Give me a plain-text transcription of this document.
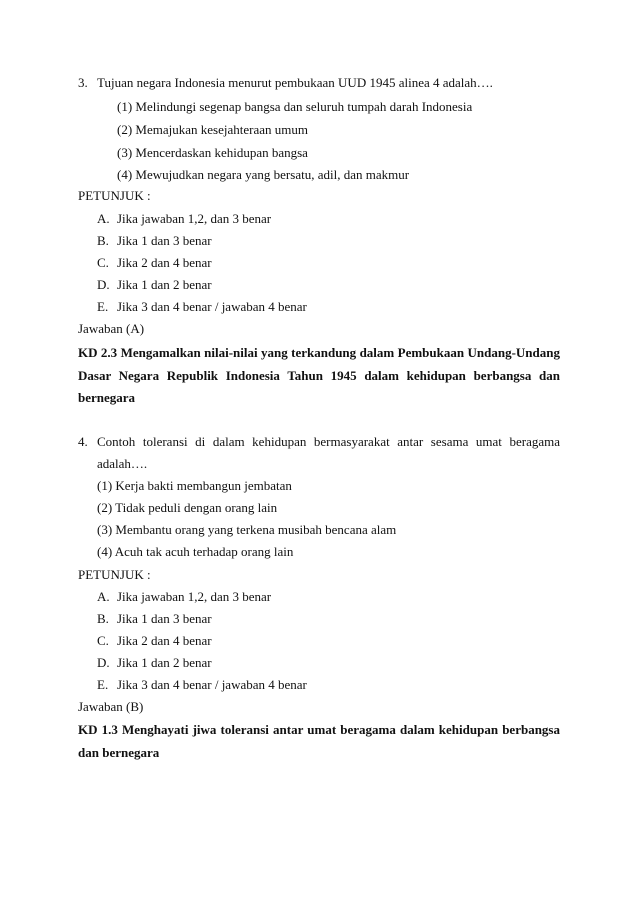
3. Tujuan negara Indonesia menurut pembukaan UUD 1945 alinea 4 adalah….
(1) Melindungi segenap bangsa dan seluruh tumpah darah Indonesia
(2) Memajukan kesejahteraan umum
(3) Mencerdaskan kehidupan bangsa
(4) Mewujudkan negara yang bersatu, adil, dan makmur
PETUNJUK :
A. Jika jawaban 1,2, dan 3 benar
B. Jika 1 dan 3 benar
C. Jika 2 dan 4 benar
D. Jika 1 dan 2 benar
E. Jika 3 dan 4 benar / jawaban 4 benar
Jawaban (A)
KD 2.3 Mengamalkan nilai-nilai yang terkandung dalam Pembukaan Undang-Undang
Dasar Negara Republik Indonesia Tahun 1945 dalam kehidupan berbangsa dan
bernegara
4. Contoh toleransi di dalam kehidupan bermasyarakat antar sesama umat beragama
adalah….
(1) Kerja bakti membangun jembatan
(2) Tidak peduli dengan orang lain
(3) Membantu orang yang terkena musibah bencana alam
(4) Acuh tak acuh terhadap orang lain
PETUNJUK :
A. Jika jawaban 1,2, dan 3 benar
B. Jika 1 dan 3 benar
C. Jika 2 dan 4 benar
D. Jika 1 dan 2 benar
E. Jika 3 dan 4 benar / jawaban 4 benar
Jawaban (B)
KD 1.3 Menghayati jiwa toleransi antar umat beragama dalam kehidupan berbangsa
dan bernegara
